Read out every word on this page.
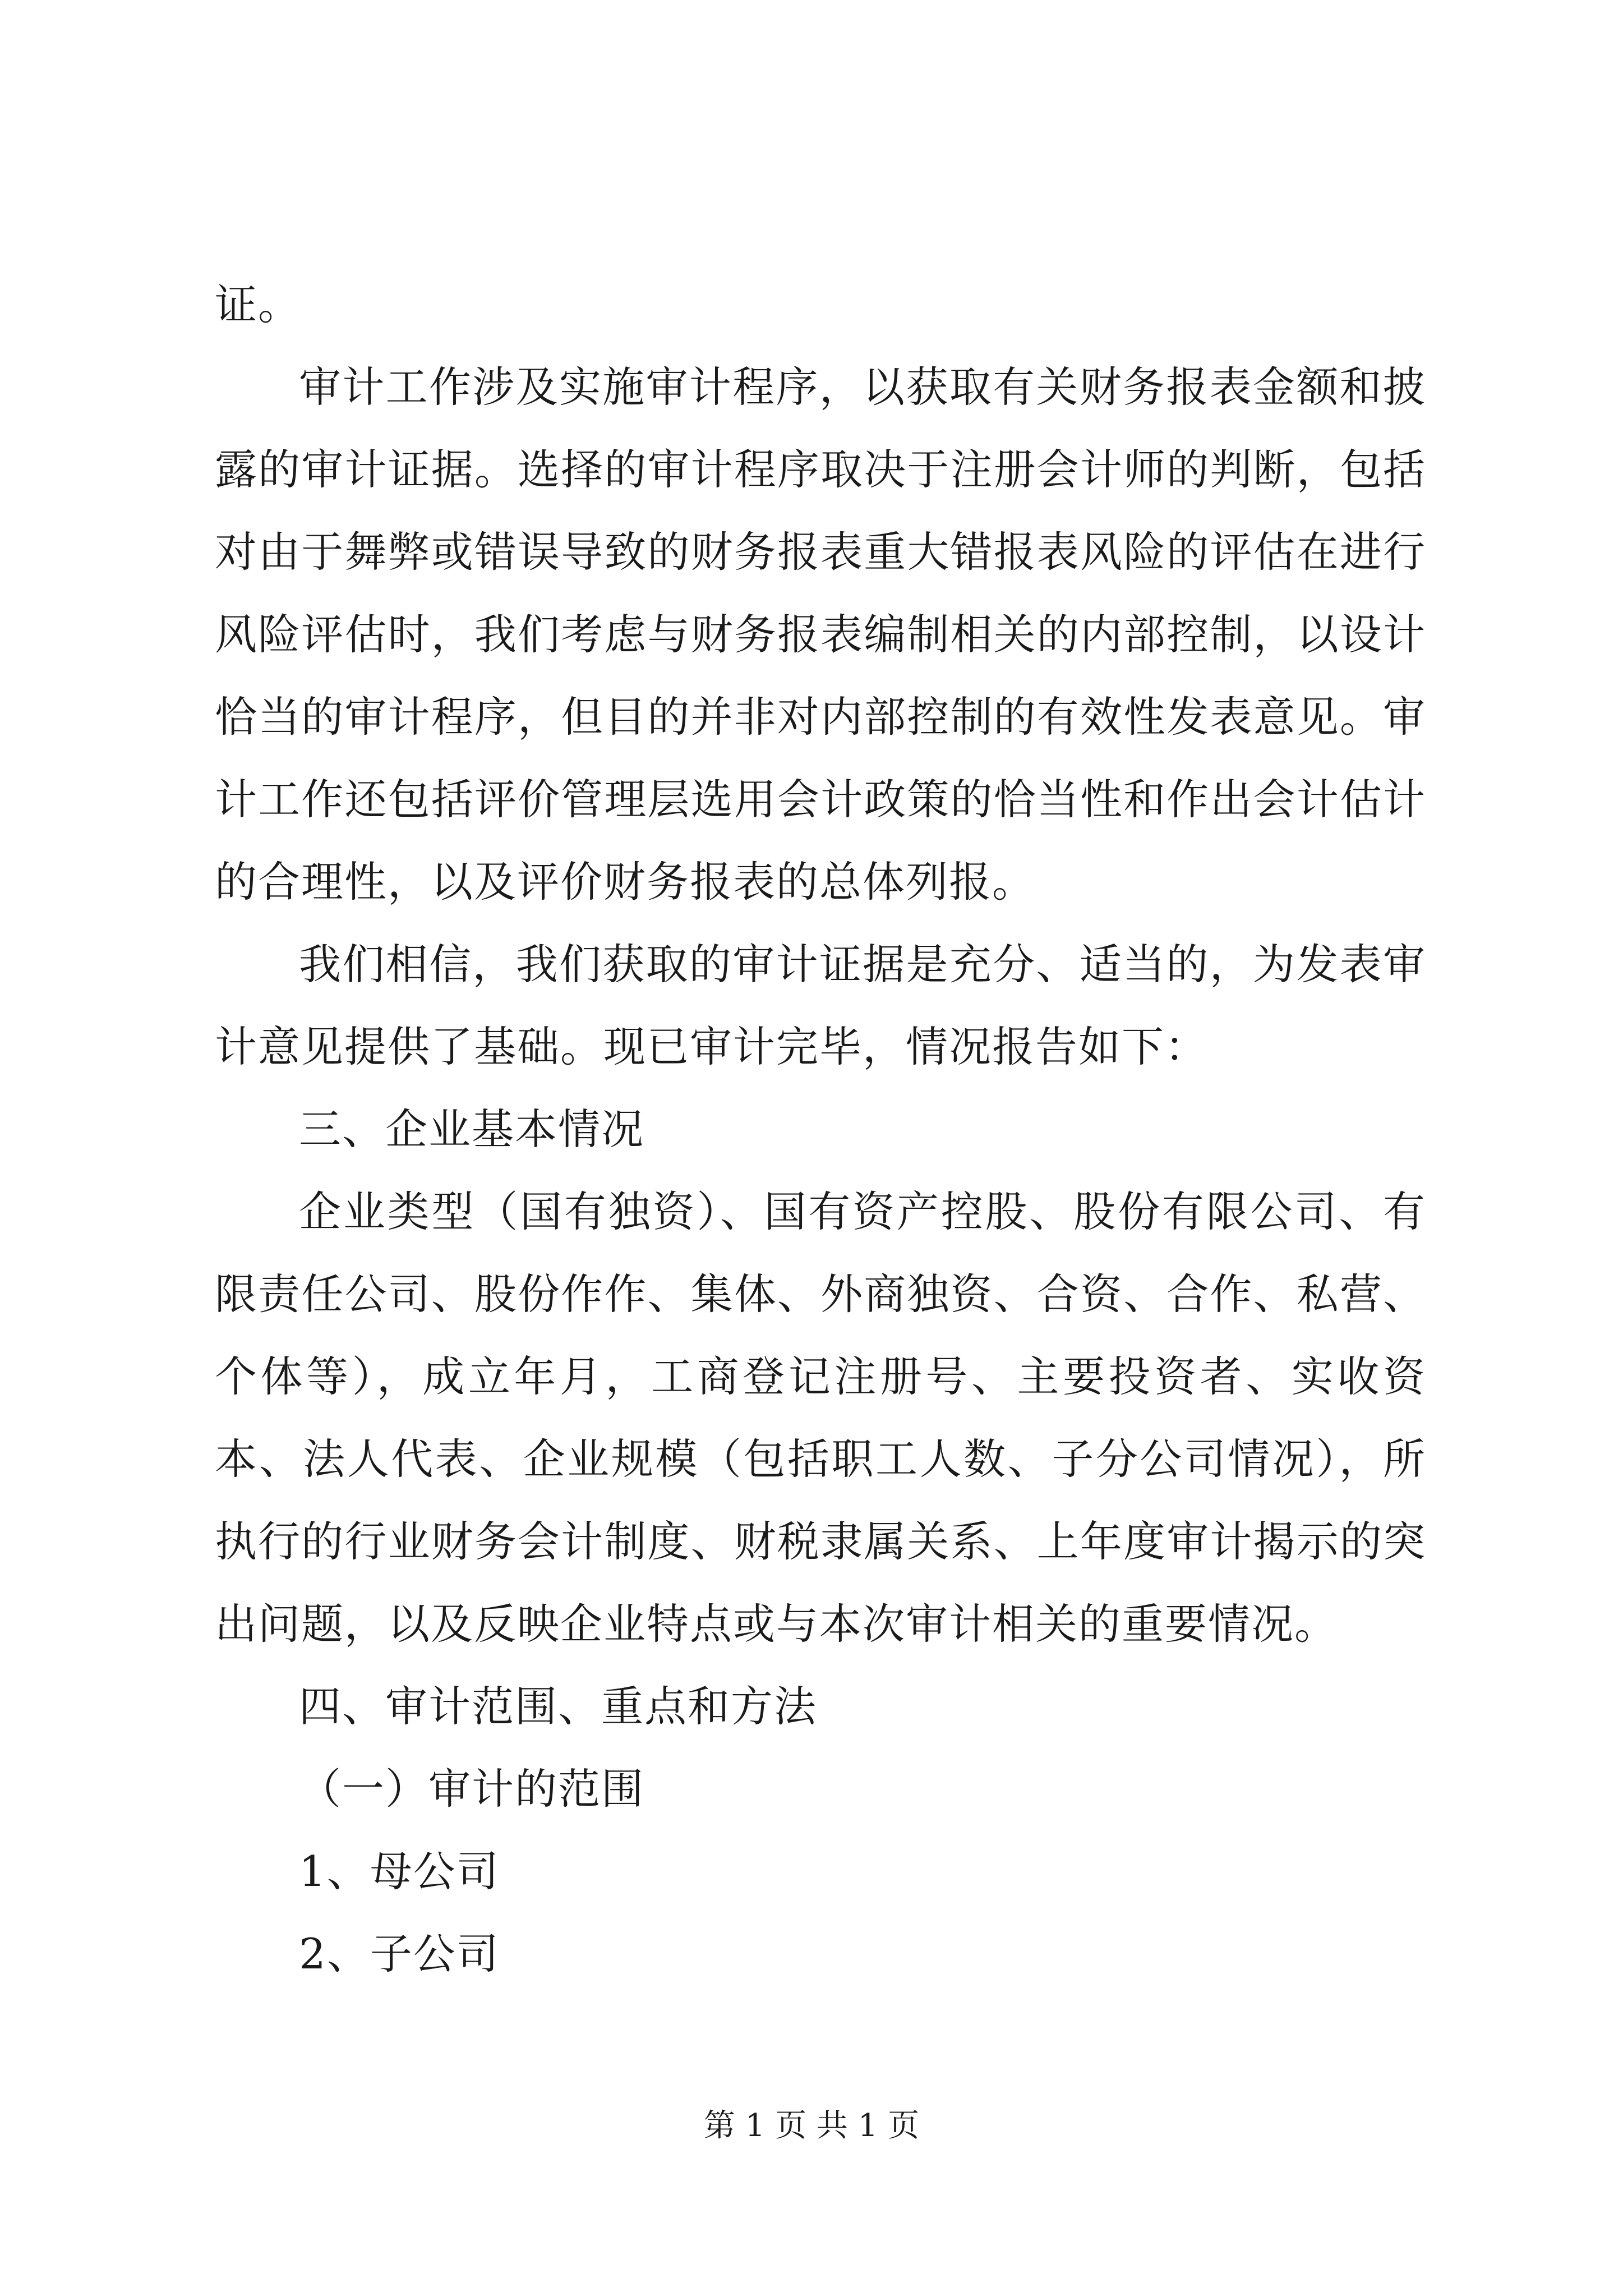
证。

审计工作涉及实施审计程序，以获取有关财务报表金额和披露的审计证据。选择的审计程序取决于注册会计师的判断，包括对由于舞弊或错误导致的财务报表重大错报表风险的评估在进行风险评估时，我们考虑与财务报表编制相关的内部控制，以设计恰当的审计程序，但目的并非对内部控制的有效性发表意见。审计工作还包括评价管理层选用会计政策的恰当性和作出会计估计的合理性，以及评价财务报表的总体列报。

我们相信，我们获取的审计证据是充分、适当的，为发表审计意见提供了基础。现已审计完毕，情况报告如下：

三、企业基本情况

企业类型（国有独资）、国有资产控股、股份有限公司、有限责任公司、股份作作、集体、外商独资、合资、合作、私营、个体等），成立年月，工商登记注册号、主要投资者、实收资本、法人代表、企业规模（包括职工人数、子分公司情况），所执行的行业财务会计制度、财税隶属关系、上年度审计揭示的突出问题，以及反映企业特点或与本次审计相关的重要情况。

四、审计范围、重点和方法

（一）审计的范围

1、母公司

2、子公司

第 1 页 共 1 页
